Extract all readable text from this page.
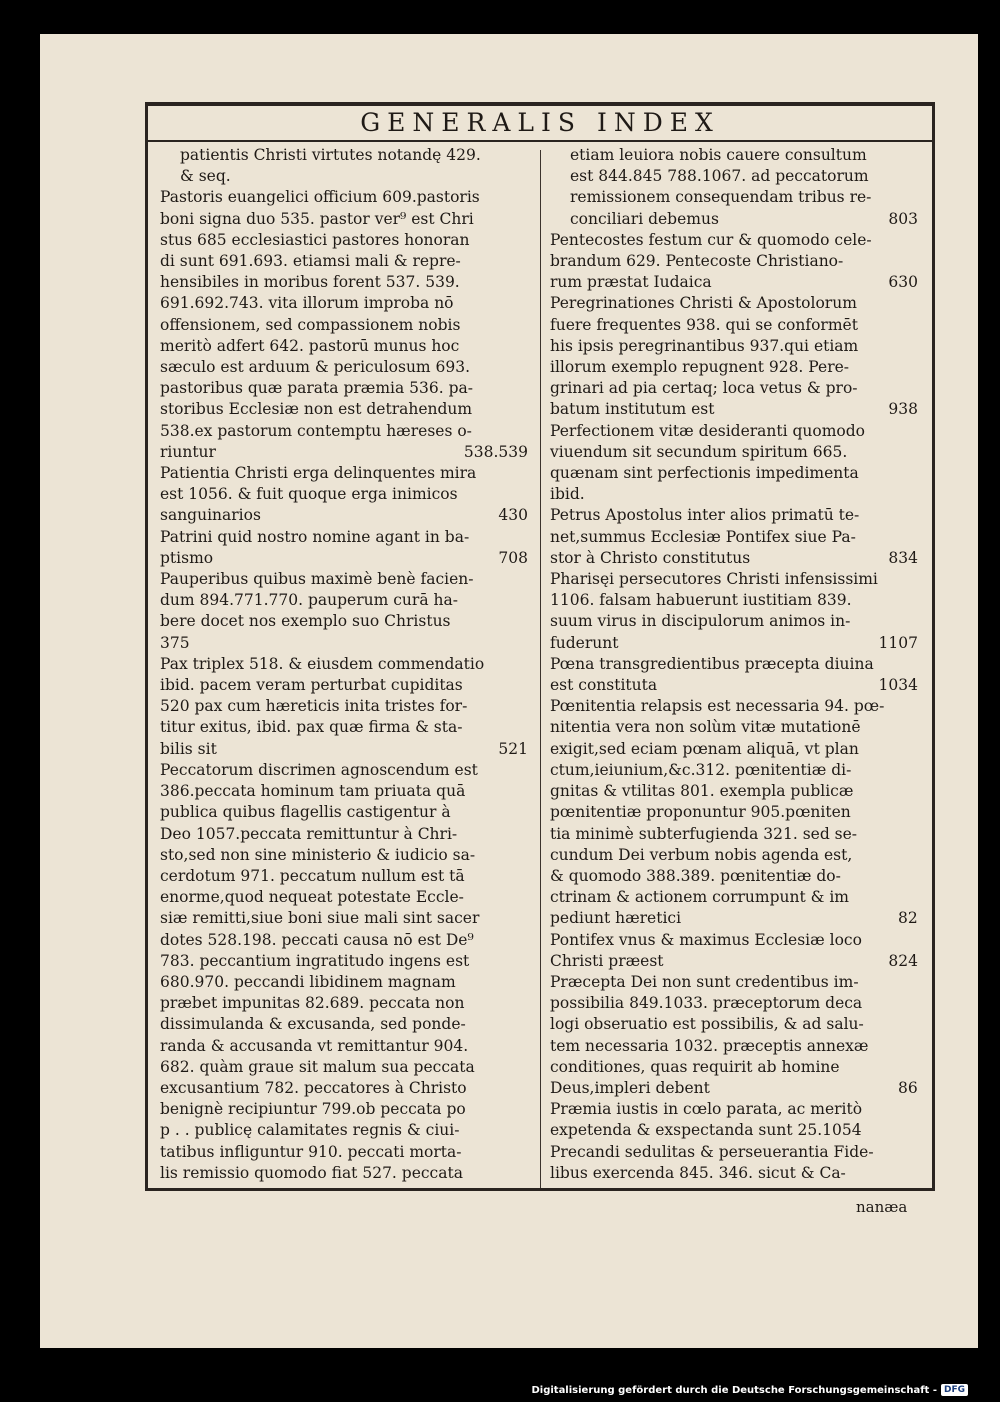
GENERALIS INDEX
patientis Christi virtutes notandę 429.
& seq.
Pastoris euangelici officium 609.pastoris
boni signa duo 535. pastor ver⁹ est Chri
stus 685 ecclesiastici pastores honoran
di sunt 691.693. etiamsi mali & repre-
hensibiles in moribus forent 537. 539.
691.692.743. vita illorum improba nō
offensionem, sed compassionem nobis
meritò adfert 642. pastorū munus hoc
sæculo est arduum & periculosum 693.
pastoribus quæ parata præmia 536. pa-
storibus Ecclesiæ non est detrahendum
538.ex pastorum contemptu hæreses o-
riuntur	538.539
Patientia Christi erga delinquentes mira
est 1056. & fuit quoque erga inimicos
sanguinarios	430
Patrini quid nostro nomine agant in ba-
ptismo	708
Pauperibus quibus maximè benè facien-
dum 894.771.770. pauperum curā ha-
bere docet nos exemplo suo Christus
375
Pax triplex 518. & eiusdem commendatio
ibid. pacem veram perturbat cupiditas
520 pax cum hæreticis inita tristes for-
titur exitus, ibid. pax quæ firma & sta-
bilis sit	521
Peccatorum discrimen agnoscendum est
386.peccata hominum tam priuata quā
publica quibus flagellis castigentur à
Deo 1057.peccata remittuntur à Chri-
sto,sed non sine ministerio & iudicio sa-
cerdotum 971. peccatum nullum est tā
enorme,quod nequeat potestate Eccle-
siæ remitti,siue boni siue mali sint sacer
dotes 528.198. peccati causa nō est De⁹
783. peccantium ingratitudo ingens est
680.970. peccandi libidinem magnam
præbet impunitas 82.689. peccata non
dissimulanda & excusanda, sed ponde-
randa & accusanda vt remittantur 904.
682. quàm graue sit malum sua peccata
excusantium 782. peccatores à Christo
benignè recipiuntur 799.ob peccata po
p . . publicę calamitates regnis & ciui-
tatibus infliguntur 910. peccati morta-
lis remissio quomodo fiat 527. peccata
etiam leuiora nobis cauere consultum
est 844.845 788.1067. ad peccatorum
remissionem consequendam tribus re-
conciliari debemus	803
Pentecostes festum cur & quomodo cele-
brandum 629. Pentecoste Christiano-
rum præstat Iudaica	630
Peregrinationes Christi & Apostolorum
fuere frequentes 938. qui se conformēt
his ipsis peregrinantibus 937.qui etiam
illorum exemplo repugnent 928. Pere-
grinari ad pia certaq; loca vetus & pro-
batum institutum est	938
Perfectionem vitæ desideranti quomodo
viuendum sit secundum spiritum 665.
quænam sint perfectionis impedimenta
ibid.
Petrus Apostolus inter alios primatū te-
net,summus Ecclesiæ Pontifex siue Pa-
stor à Christo constitutus	834
Pharisęi persecutores Christi infensissimi
1106. falsam habuerunt iustitiam 839.
suum virus in discipulorum animos in-
fuderunt	1107
Pœna transgredientibus præcepta diuina
est constituta	1034
Pœnitentia relapsis est necessaria 94. pœ-
nitentia vera non solùm vitæ mutationē
exigit,sed eciam pœnam aliquā, vt plan
ctum,ieiunium,&c.312. pœnitentiæ di-
gnitas & vtilitas 801. exempla publicæ
pœnitentiæ proponuntur 905.pœniten
tia minimè subterfugienda 321. sed se-
cundum Dei verbum nobis agenda est,
& quomodo 388.389. pœnitentiæ do-
ctrinam & actionem corrumpunt & im
pediunt hæretici	82
Pontifex vnus & maximus Ecclesiæ loco
Christi præest	824
Præcepta Dei non sunt credentibus im-
possibilia 849.1033. præceptorum deca
logi obseruatio est possibilis, & ad salu-
tem necessaria 1032. præceptis annexæ
conditiones, quas requirit ab homine
Deus,impleri debent	86
Præmia iustis in cœlo parata, ac meritò
expetenda & exspectanda sunt 25.1054
Precandi sedulitas & perseuerantia Fide-
libus exercenda 845. 346. sicut & Ca-
nanæa
Digitalisierung gefördert durch die Deutsche Forschungsgemeinschaft - DFG
